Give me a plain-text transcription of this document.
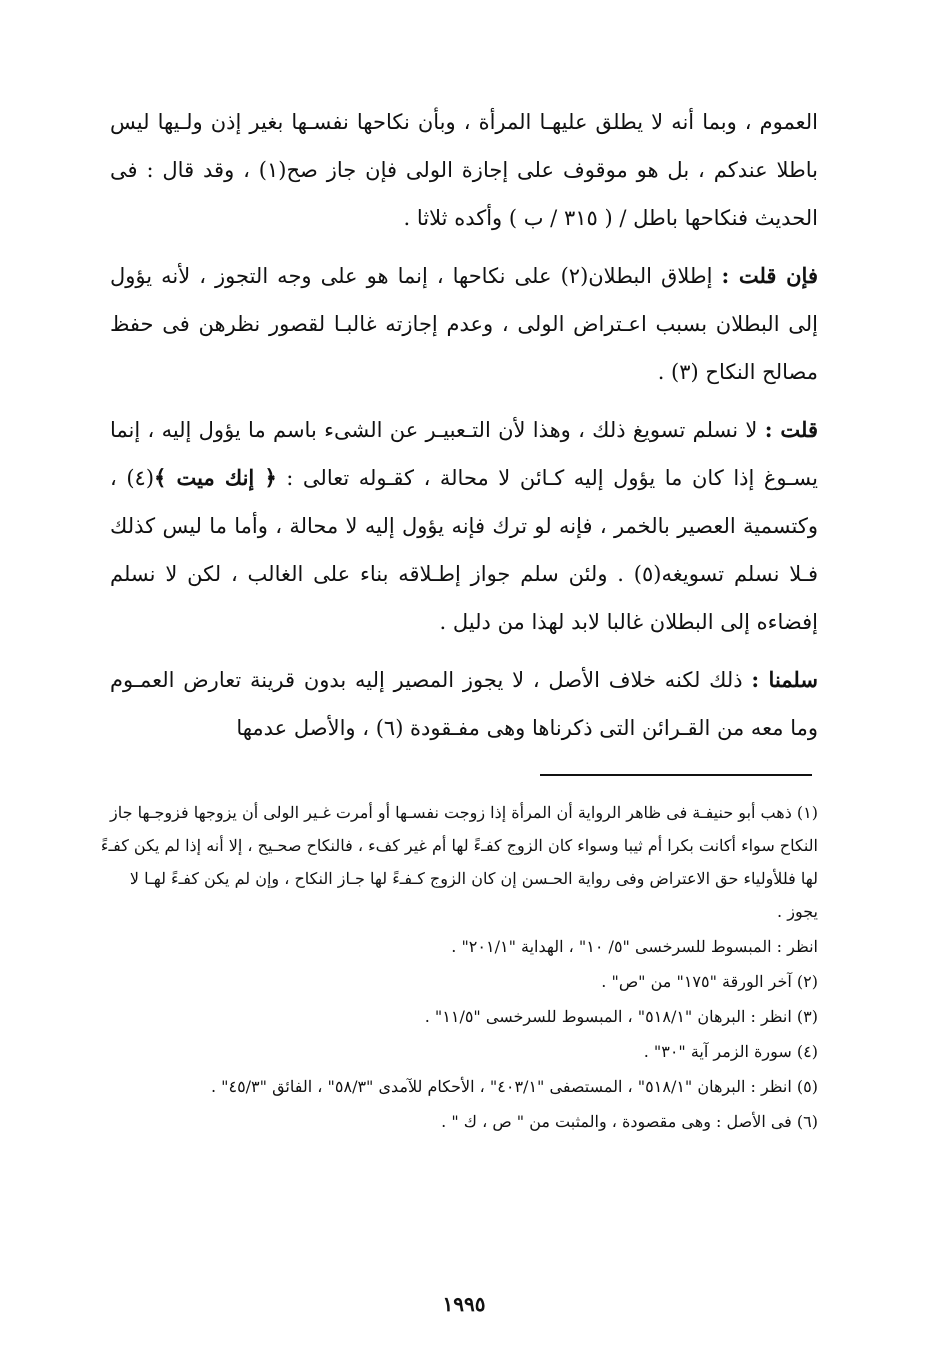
العموم ، وبما أنه لا يطلق عليهـا المرأة ، وبأن نكاحها نفسـها بغير إذن ولـيها ليس باطلا عندكم ، بل هو موقوف على إجازة الولى فإن جاز صح(١) ، وقد قال : فى الحديث فنكاحها باطل / ( ٣١٥ / ب ) وأكده ثلاثا .

فإن قلت : إطلاق البطلان(٢) على نكاحها ، إنما هو على وجه التجوز ، لأنه يؤول إلى البطلان بسبب اعـتراض الولى ، وعدم إجازته غالبـا لقصور نظرهن فى حفظ مصالح النكاح (٣) .

قلت : لا نسلم تسويغ ذلك ، وهذا لأن التـعبيـر عن الشىء باسم ما يؤول إليه ، إنما يسـوغ إذا كان ما يؤول إليه كـائن لا محالة ، كقـوله تعالى : ﴿ إنك ميت ﴾(٤) ، وكتسمية العصير بالخمر ، فإنه لو ترك فإنه يؤول إليه لا محالة ، وأما ما ليس كذلك فـلا نسلم تسويغه(٥) . ولئن سلم جواز إطـلاقه بناء على الغالب ، لكن لا نسلم إفضاءه إلى البطلان غالبا لابد لهذا من دليل .

سلمنا : ذلك لكنه خلاف الأصل ، لا يجوز المصير إليه بدون قرينة تعارض العمـوم وما معه من القـرائن التى ذكرناها وهى مفـقودة (٦) ، والأصل عدمها

(١) ذهب أبو حنيفـة فى ظاهر الرواية أن المرأة إذا زوجت نفسـها أو أمرت غـير الولى أن يزوجها فزوجـها جاز النكاح سواء أكانت بكرا أم ثيبا وسواء كان الزوج كفـءً لها أم غير كفء ، فالنكاح صحـيح ، إلا أنه إذا لم يكن كفـءً لها فللأولياء حق الاعتراض وفى رواية الحـسن إن كان الزوج كـفـءً لها جـاز النكاح ، وإن لم يكن كفـءً لهـا لا يجوز .

انظر : المبسوط للسرخسى "٥/ ١٠" ، الهداية "٢٠١/١" .

(٢) آخر الورقة "١٧٥" من "ص" .

(٣) انظر : البرهان "٥١٨/١" ، المبسوط للسرخسى "١١/٥" .

(٤) سورة الزمر آية "٣٠" .

(٥) انظر : البرهان "٥١٨/١" ، المستصفى "٤٠٣/١" ، الأحكام للآمدى "٥٨/٣" ، الفائق "٤٥/٣" .

(٦) فى الأصل : وهى مقصودة ، والمثبت من " ص ، ك " .

١٩٩٥
